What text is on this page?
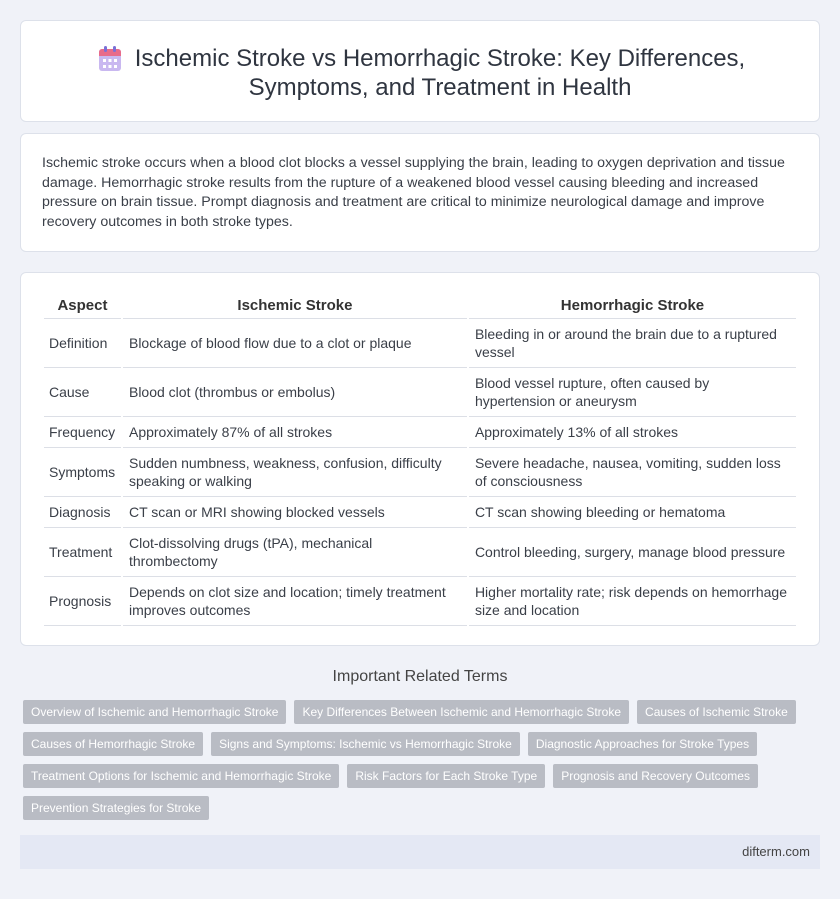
Ischemic Stroke vs Hemorrhagic Stroke: Key Differences, Symptoms, and Treatment in Health

Ischemic stroke occurs when a blood clot blocks a vessel supplying the brain, leading to oxygen deprivation and tissue damage. Hemorrhagic stroke results from the rupture of a weakened blood vessel causing bleeding and increased pressure on brain tissue. Prompt diagnosis and treatment are critical to minimize neurological damage and improve recovery outcomes in both stroke types.

Aspect	Ischemic Stroke	Hemorrhagic Stroke
Definition	Blockage of blood flow due to a clot or plaque	Bleeding in or around the brain due to a ruptured vessel
Cause	Blood clot (thrombus or embolus)	Blood vessel rupture, often caused by hypertension or aneurysm
Frequency	Approximately 87% of all strokes	Approximately 13% of all strokes
Symptoms	Sudden numbness, weakness, confusion, difficulty speaking or walking	Severe headache, nausea, vomiting, sudden loss of consciousness
Diagnosis	CT scan or MRI showing blocked vessels	CT scan showing bleeding or hematoma
Treatment	Clot-dissolving drugs (tPA), mechanical thrombectomy	Control bleeding, surgery, manage blood pressure
Prognosis	Depends on clot size and location; timely treatment improves outcomes	Higher mortality rate; risk depends on hemorrhage size and location
Important Related Terms
Overview of Ischemic and Hemorrhagic Stroke	Key Differences Between Ischemic and Hemorrhagic Stroke	Causes of Ischemic Stroke
Causes of Hemorrhagic Stroke	Signs and Symptoms: Ischemic vs Hemorrhagic Stroke	Diagnostic Approaches for Stroke Types
Treatment Options for Ischemic and Hemorrhagic Stroke	Risk Factors for Each Stroke Type	Prognosis and Recovery Outcomes
Prevention Strategies for Stroke
difterm.com
